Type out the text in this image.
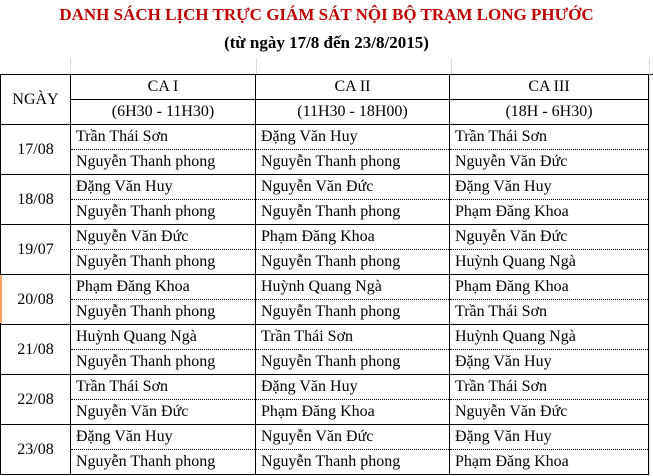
DANH SÁCH LỊCH TRỰC GIÁM SÁT NỘI BỘ TRẠM LONG PHƯỚC
(từ ngày 17/8 đến 23/8/2015)
NGÀY	CA I	CA II	CA III
	(6H30 - 11H30)	(11H30 - 18H00)	(18H - 6H30)
17/08	Trần Thái Sơn	Đặng Văn Huy	Trần Thái Sơn
	Nguyễn Thanh phong	Nguyễn Thanh phong	Nguyễn Văn Đức
18/08	Đặng Văn Huy	Nguyễn Văn Đức	Đặng Văn Huy
	Nguyễn Thanh phong	Nguyễn Thanh phong	Phạm Đăng Khoa
19/07	Nguyễn Văn Đức	Phạm Đăng Khoa	Nguyễn Văn Đức
	Nguyễn Thanh phong	Nguyễn Thanh phong	Huỳnh Quang Ngà
20/08	Phạm Đăng Khoa	Huỳnh Quang Ngà	Phạm Đăng Khoa
	Nguyễn Thanh phong	Nguyễn Thanh phong	Trần Thái Sơn
21/08	Huỳnh Quang Ngà	Trần Thái Sơn	Huỳnh Quang Ngà
	Nguyễn Thanh phong	Nguyễn Thanh phong	Đặng Văn Huy
22/08	Trần Thái Sơn	Đặng Văn Huy	Trần Thái Sơn
	Nguyễn Văn Đức	Phạm Đăng Khoa	Nguyễn Văn Đức
23/08	Đặng Văn Huy	Nguyễn Văn Đức	Đặng Văn Huy
	Nguyễn Thanh phong	Nguyễn Thanh phong	Phạm Đăng Khoa
